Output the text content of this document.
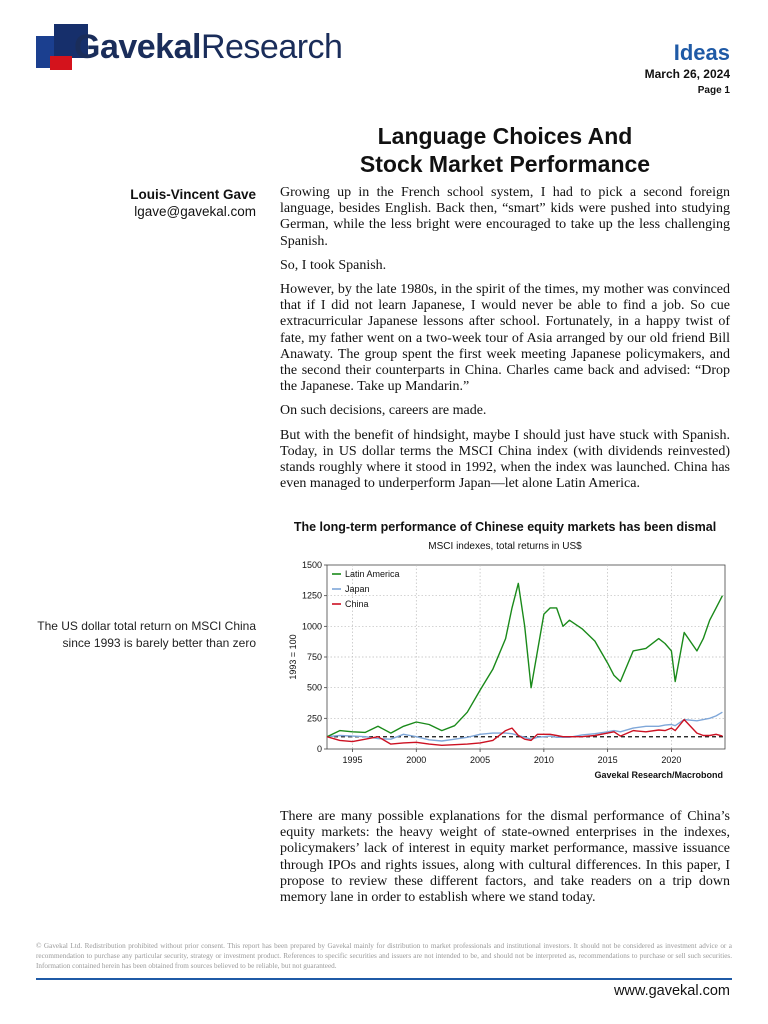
GavekalResearch	Ideas
March 26, 2024
Page 1
Language Choices And
Stock Market Performance
Louis-Vincent Gave
lgave@gavekal.com

Growing up in the French school system, I had to pick a second foreign language, besides English. Back then, “smart” kids were pushed into studying German, while the less bright were encouraged to take up the less challenging Spanish.

So, I took Spanish.

However, by the late 1980s, in the spirit of the times, my mother was convinced that if I did not learn Japanese, I would never be able to find a job. So cue extracurricular Japanese lessons after school. Fortunately, in a happy twist of fate, my father went on a two-week tour of Asia arranged by our old friend Bill Anawaty. The group spent the first week meeting Japanese policymakers, and the second their counterparts in China. Charles came back and advised: “Drop the Japanese. Take up Mandarin.”

On such decisions, careers are made.

But with the benefit of hindsight, maybe I should just have stuck with Spanish. Today, in US dollar terms the MSCI China index (with dividends reinvested) stands roughly where it stood in 1992, when the index was launched. China has even managed to underperform Japan—let alone Latin America.

The US dollar total return on MSCI China since 1993 is barely better than zero
The long-term performance of Chinese equity markets has been dismal
MSCI indexes, total returns in US$
0
250
500
750
1000
1250
1500
1995	2000	2005	2010	2015	2020
1993 = 100
Latin America
Japan
China
Gavekal Research/Macrobond

There are many possible explanations for the dismal performance of China’s equity markets: the heavy weight of state-owned enterprises in the indexes, policymakers’ lack of interest in equity market performance, massive issuance through IPOs and rights issues, along with cultural differences. In this paper, I propose to review these different factors, and take readers on a trip down memory lane in order to establish where we stand today.

© Gavekal Ltd. Redistribution prohibited without prior consent. This report has been prepared by Gavekal mainly for distribution to market professionals and institutional investors. It should not be considered as investment advice or a recommendation to purchase any particular security, strategy or investment product. References to specific securities and issuers are not intended to be, and should not be interpreted as, recommendations to purchase or sell such securities. Information contained herein has been obtained from sources believed to be reliable, but not guaranteed.
www.gavekal.com
